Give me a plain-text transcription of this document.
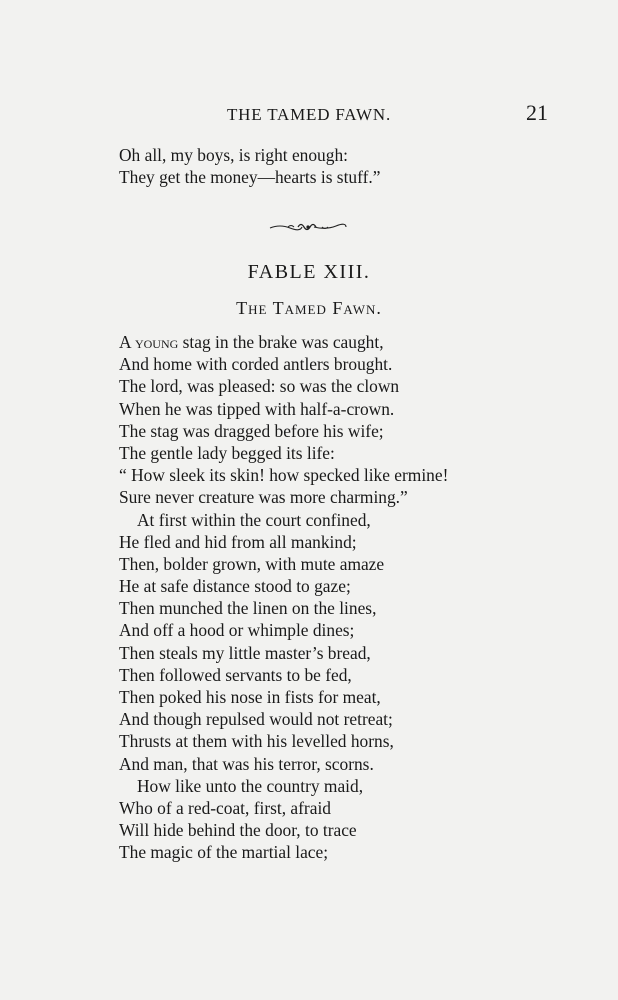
THE TAMED FAWN.	21
Oh all, my boys, is right enough:
They get the money—hearts is stuff.”
FABLE XIII.
The Tamed Fawn.
A young stag in the brake was caught,
And home with corded antlers brought.
The lord, was pleased: so was the clown
When he was tipped with half-a-crown.
The stag was dragged before his wife;
The gentle lady begged its life:
“ How sleek its skin! how specked like ermine!
Sure never creature was more charming.”
At first within the court confined,
He fled and hid from all mankind;
Then, bolder grown, with mute amaze
He at safe distance stood to gaze;
Then munched the linen on the lines,
And off a hood or whimple dines;
Then steals my little master’s bread,
Then followed servants to be fed,
Then poked his nose in fists for meat,
And though repulsed would not retreat;
Thrusts at them with his levelled horns,
And man, that was his terror, scorns.
How like unto the country maid,
Who of a red-coat, first, afraid
Will hide behind the door, to trace
The magic of the martial lace;
